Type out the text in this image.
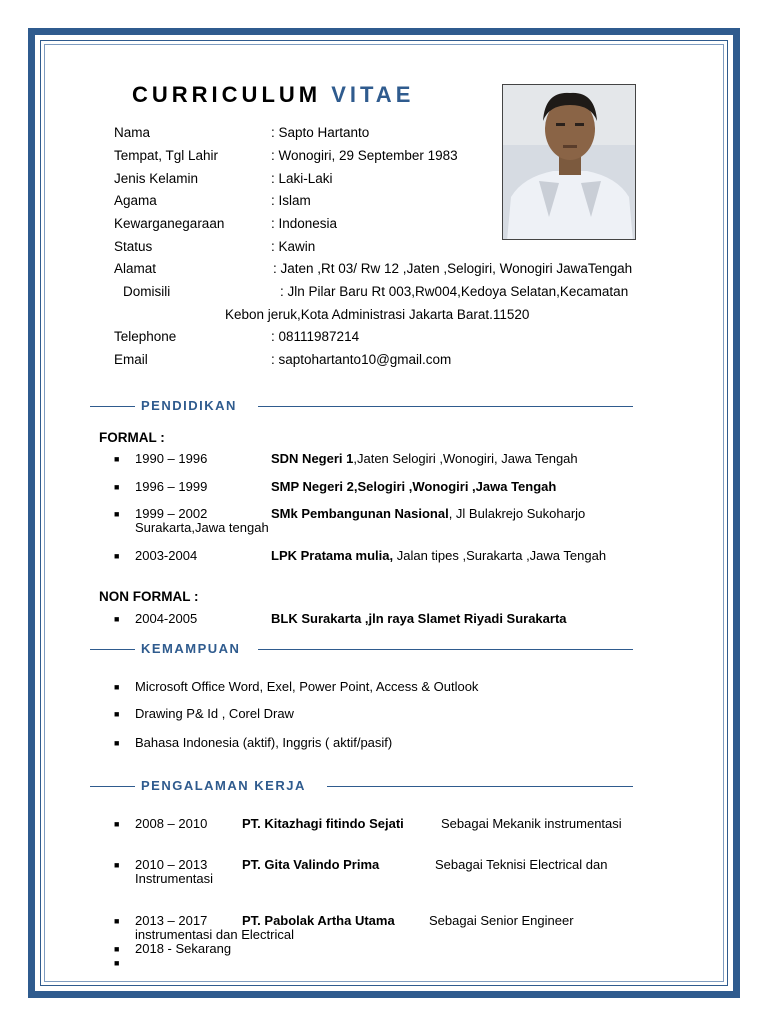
CURRICULUM VITAE
Nama	: Sapto Hartanto
Tempat, Tgl Lahir	: Wonogiri, 29 September 1983
Jenis Kelamin	: Laki-Laki
Agama	: Islam
Kewarganegaraan	: Indonesia
Status	: Kawin
Alamat	: Jaten ,Rt 03/ Rw 12 ,Jaten ,Selogiri, Wonogiri JawaTengah
Domisili	: Jln Pilar Baru Rt 003,Rw004,Kedoya Selatan,Kecamatan
Kebon jeruk,Kota Administrasi Jakarta Barat.11520
Telephone	: 08111987214
Email	: saptohartanto10@gmail.com
PENDIDIKAN
FORMAL :
■ 1990 – 1996	SDN Negeri 1,Jaten Selogiri ,Wonogiri, Jawa Tengah
■ 1996 – 1999	SMP Negeri 2,Selogiri ,Wonogiri ,Jawa Tengah
■ 1999 – 2002	SMk Pembangunan Nasional, Jl Bulakrejo Sukoharjo
Surakarta,Jawa tengah
■ 2003-2004	LPK Pratama mulia, Jalan tipes ,Surakarta ,Jawa Tengah
NON FORMAL :
■ 2004-2005	BLK Surakarta ,jln raya Slamet Riyadi Surakarta
KEMAMPUAN
■ Microsoft Office Word, Exel, Power Point, Access & Outlook
■ Drawing P& Id , Corel Draw
■ Bahasa Indonesia (aktif), Inggris ( aktif/pasif)
PENGALAMAN KERJA
■ 2008 – 2010	PT. Kitazhagi fitindo Sejati	Sebagai Mekanik instrumentasi
■ 2010 – 2013	PT. Gita Valindo Prima	Sebagai Teknisi Electrical dan
Instrumentasi
■ 2013 – 2017	PT. Pabolak Artha Utama	Sebagai Senior Engineer
instrumentasi dan Electrical
■ 2018 - Sekarang
■
